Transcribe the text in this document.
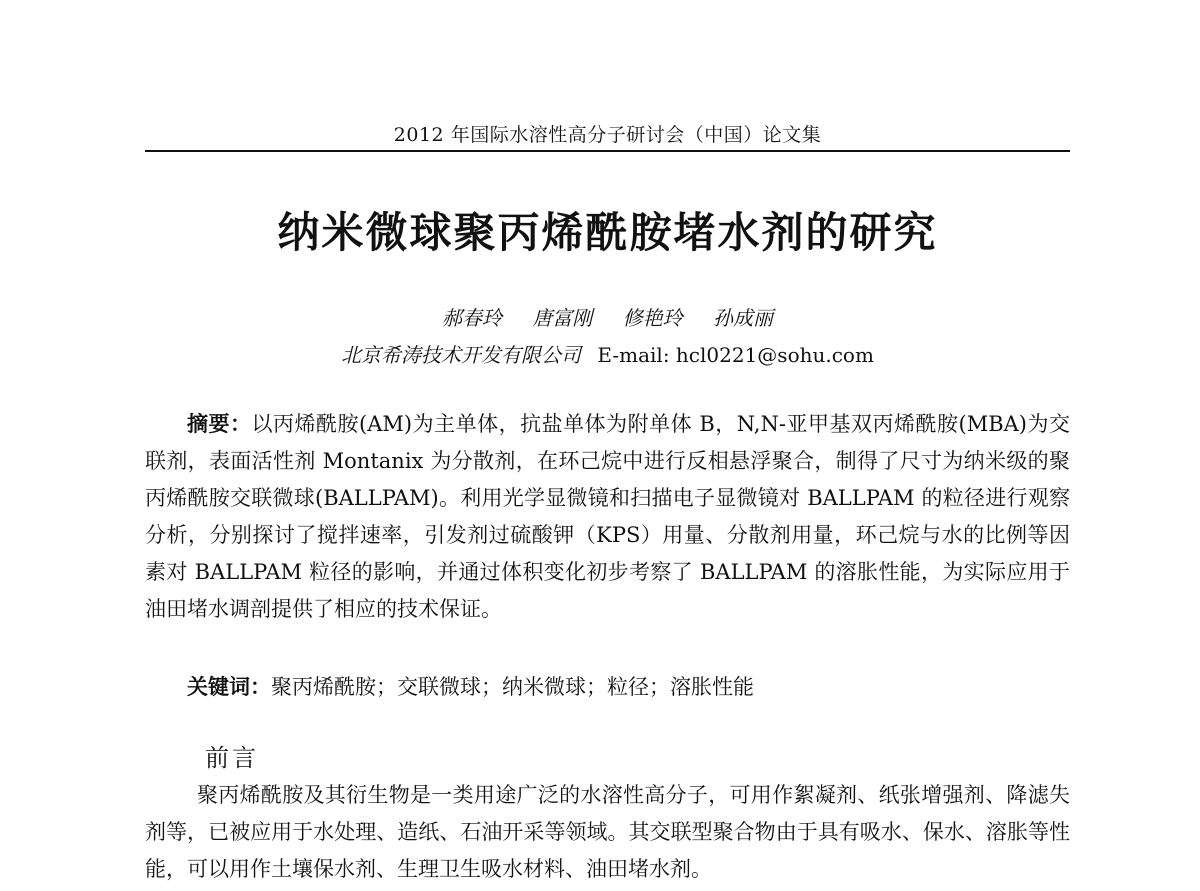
2012 年国际水溶性高分子研讨会（中国）论文集
纳米微球聚丙烯酰胺堵水剂的研究
郝春玲 唐富刚 修艳玲 孙成丽
北京希涛技术开发有限公司 E-mail: hcl0221@sohu.com

摘要：以丙烯酰胺(AM)为主单体，抗盐单体为附单体 B，N,N-亚甲基双丙烯酰胺(MBA)为交联剂，表面活性剂 Montanix 为分散剂，在环己烷中进行反相悬浮聚合，制得了尺寸为纳米级的聚丙烯酰胺交联微球(BALLPAM)。利用光学显微镜和扫描电子显微镜对 BALLPAM 的粒径进行观察分析，分别探讨了搅拌速率，引发剂过硫酸钾（KPS）用量、分散剂用量，环己烷与水的比例等因素对 BALLPAM 粒径的影响，并通过体积变化初步考察了 BALLPAM 的溶胀性能，为实际应用于油田堵水调剖提供了相应的技术保证。

关键词：聚丙烯酰胺；交联微球；纳米微球；粒径；溶胀性能
前言

聚丙烯酰胺及其衍生物是一类用途广泛的水溶性高分子，可用作絮凝剂、纸张增强剂、降滤失剂等，已被应用于水处理、造纸、石油开采等领域。其交联型聚合物由于具有吸水、保水、溶胀等性能，可以用作土壤保水剂、生理卫生吸水材料、油田堵水剂。
